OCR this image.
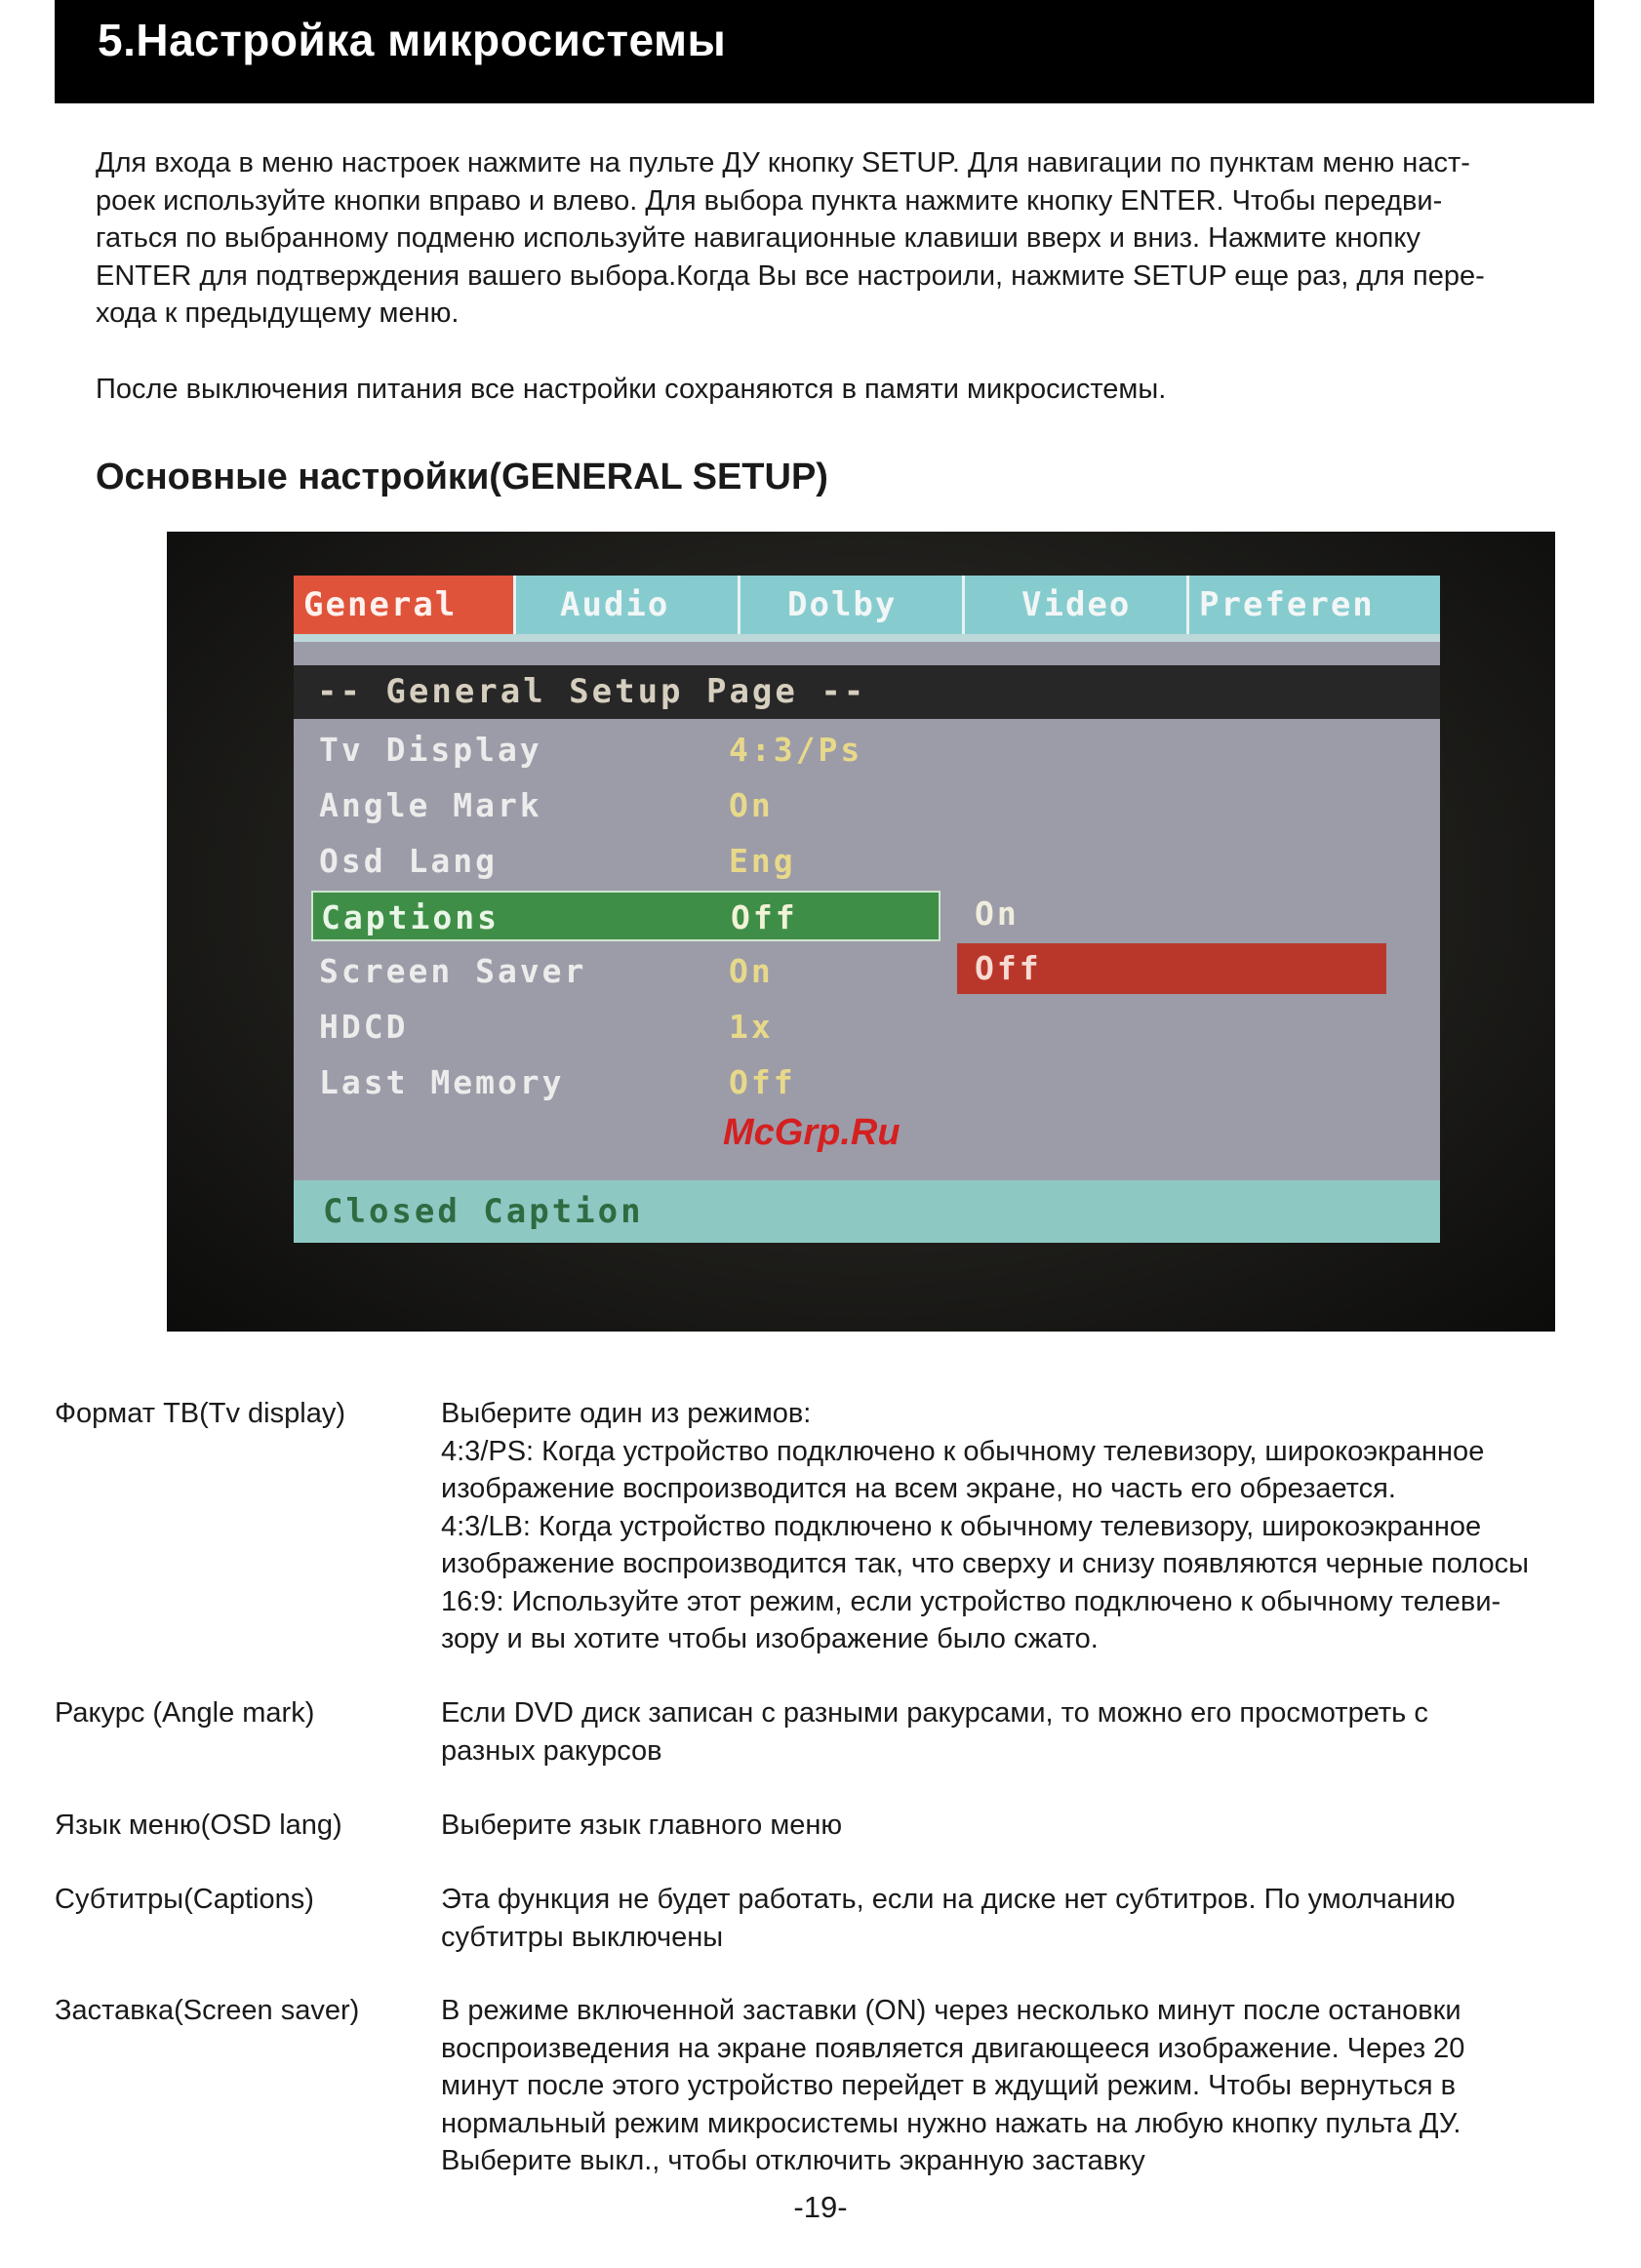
5.Настройка микросистемы

Для входа в меню настроек нажмите на пульте ДУ кнопку SETUP. Для навигации по пунктам меню наст-
роек используйте кнопки вправо и влево. Для выбора пункта нажмите кнопку ENTER. Чтобы передви-
гаться по выбранному подменю используйте навигационные клавиши вверх и вниз. Нажмите кнопку
ENTER для подтверждения вашего выбора.Когда Вы все настроили, нажмите SETUP еще раз, для пере-
хода к предыдущему меню.

После выключения питания все настройки сохраняются в памяти микросистемы.

Основные настройки(GENERAL SETUP)
General	Audio	Dolby	Video	Preferen
-- General Setup Page --
Tv Display	4:3/Ps
Angle Mark	On
Osd Lang	Eng
Captions	Off
Screen Saver	On
HDCD	1x
Last Memory	Off
On
Off
Closed Caption
McGrp.Ru
Формат ТВ(Tv display)	Выберите один из режимов:
4:3/PS: Когда устройство подключено к обычному телевизору, широкоэкранное
изображение воспроизводится на всем экране, но часть его обрезается.
4:3/LB: Когда устройство подключено к обычному телевизору, широкоэкранное
изображение воспроизводится так, что сверху и снизу появляются черные полосы
16:9: Используйте этот режим, если устройство подключено к обычному телеви-
зору и вы хотите чтобы изображение было сжато.
Ракурс (Angle mark)	Если DVD диск записан с разными ракурсами, то можно его просмотреть с
разных ракурсов
Язык меню(OSD lang)	Выберите язык главного меню
Субтитры(Captions)	Эта функция не будет работать, если на диске нет субтитров. По умолчанию
субтитры выключены
Заставка(Screen saver)	В режиме включенной заставки (ON) через несколько минут после остановки
воспроизведения на экране появляется двигающееся изображение. Через 20
минут после этого устройство перейдет в ждущий режим. Чтобы вернуться в
нормальный режим микросистемы нужно нажать на любую кнопку пульта ДУ.
Выберите выкл., чтобы отключить экранную заставку
-19-
